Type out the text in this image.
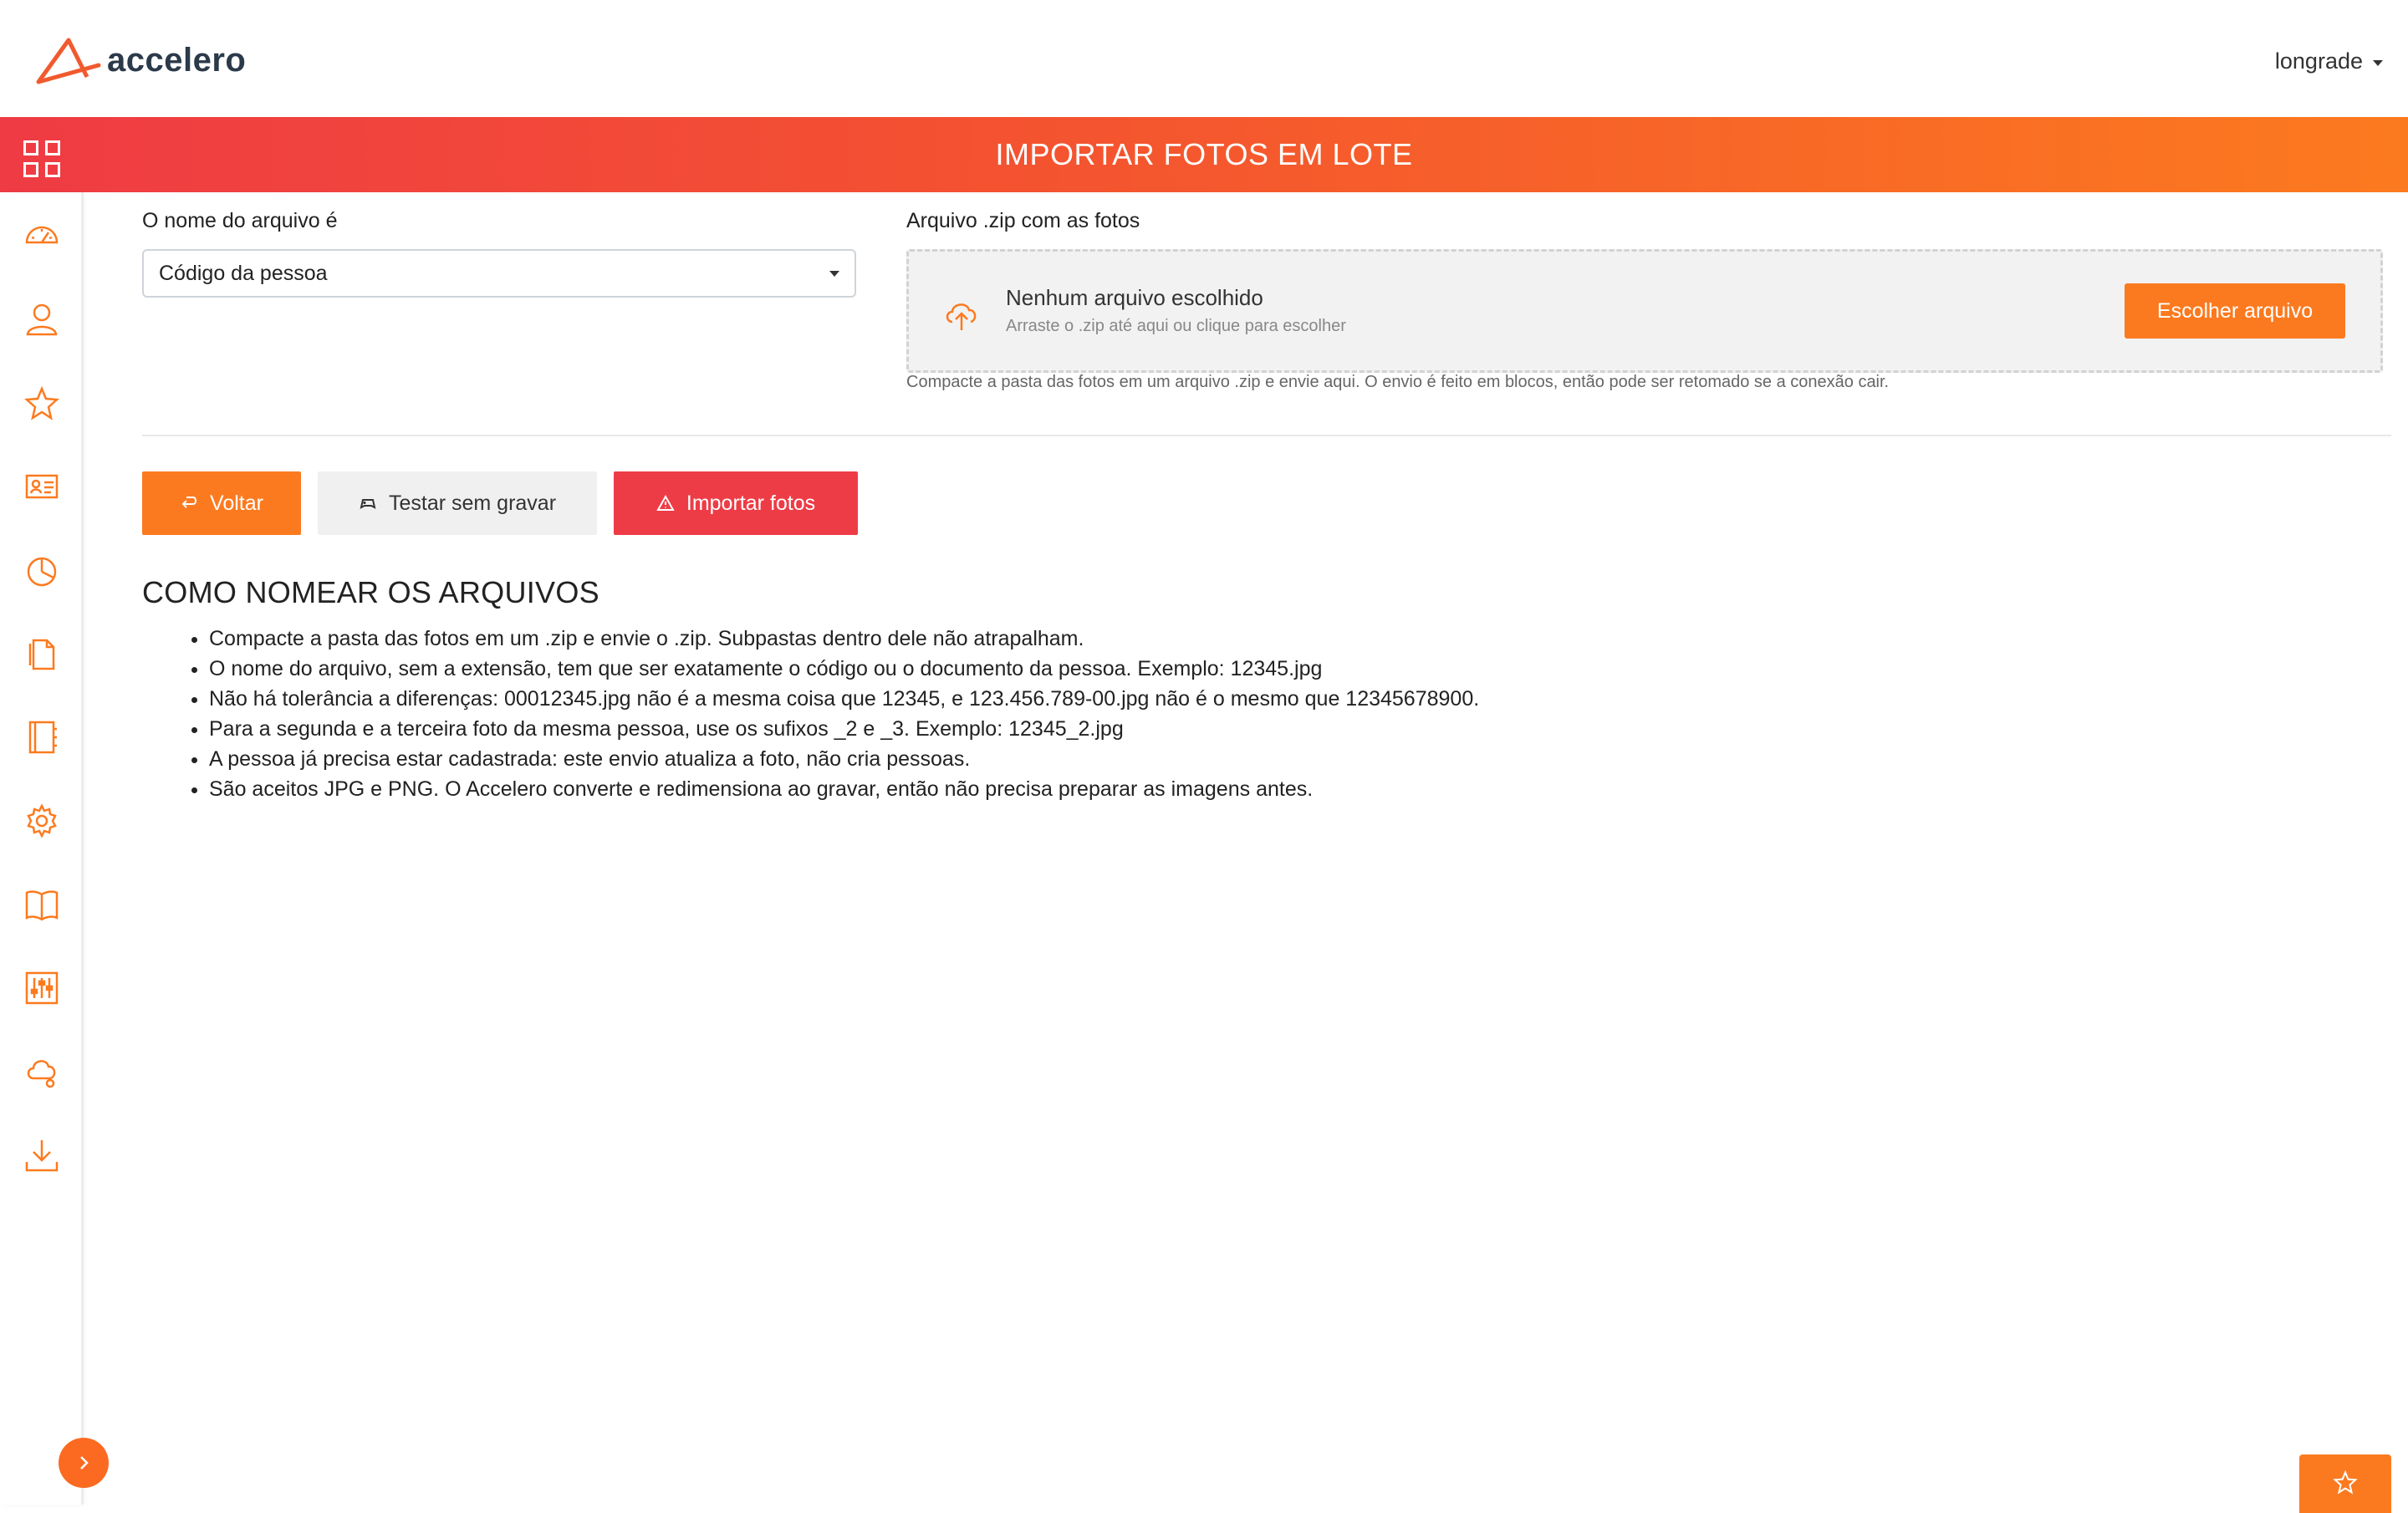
accelero	longrade
IMPORTAR FOTOS EM LOTE
O nome do arquivo é
Código da pessoa
Arquivo .zip com as fotos
Nenhum arquivo escolhido
Arraste o .zip até aqui ou clique para escolher
Escolher arquivo
Compacte a pasta das fotos em um arquivo .zip e envie aqui. O envio é feito em blocos, então pode ser retomado se a conexão cair.
Voltar	Testar sem gravar	Importar fotos
COMO NOMEAR OS ARQUIVOS
• Compacte a pasta das fotos em um .zip e envie o .zip. Subpastas dentro dele não atrapalham.
• O nome do arquivo, sem a extensão, tem que ser exatamente o código ou o documento da pessoa. Exemplo: 12345.jpg
• Não há tolerância a diferenças: 00012345.jpg não é a mesma coisa que 12345, e 123.456.789-00.jpg não é o mesmo que 12345678900.
• Para a segunda e a terceira foto da mesma pessoa, use os sufixos _2 e _3. Exemplo: 12345_2.jpg
• A pessoa já precisa estar cadastrada: este envio atualiza a foto, não cria pessoas.
• São aceitos JPG e PNG. O Accelero converte e redimensiona ao gravar, então não precisa preparar as imagens antes.
